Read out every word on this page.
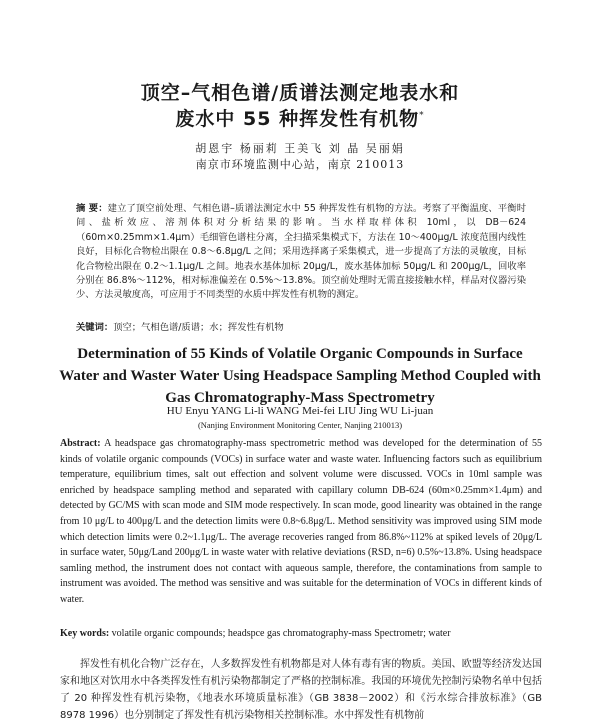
顶空–气相色谱/质谱法测定地表水和
废水中 55 种挥发性有机物*
胡恩宇 杨丽莉 王美飞 刘 晶 吴丽娟
南京市环境监测中心站，南京 210013
摘 要：建立了顶空前处理、气相色谱–质谱法测定水中 55 种挥发性有机物的方法。考察了平衡温度、平衡时间、盐析效应、溶剂体积对分析结果的影响。当水样取样体积 10ml，以 DB－624（60m×0.25mm×1.4μm）毛细管色谱柱分离，全扫描采集模式下，方法在 10～400μg/L 浓度范围内线性良好，目标化合物检出限在 0.8～6.8μg/L 之间；采用选择离子采集模式，进一步提高了方法的灵敏度，目标化合物检出限在 0.2～1.1μg/L 之间。地表水基体加标 20μg/L，废水基体加标 50μg/L 和 200μg/L，回收率分别在 86.8%～112%，相对标准偏差在 0.5%～13.8%。顶空前处理时无需直接接触水样，样品对仪器污染少、方法灵敏度高，可应用于不同类型的水质中挥发性有机物的测定。
关键词：顶空；气相色谱/质谱；水；挥发性有机物
Determination of 55 Kinds of Volatile Organic Compounds in Surface
Water and Waster Water Using Headspace Sampling Method Coupled with
Gas Chromatography-Mass Spectrometry
HU Enyu YANG Li-li WANG Mei-fei LIU Jing WU Li-juan
(Nanjing Environment Monitoring Center, Nanjing 210013)
Abstract: A headspace gas chromatography-mass spectrometric method was developed for the determination of 55 kinds of volatile organic compounds (VOCs) in surface water and waste water. Influencing factors such as equilibrium temperature, equilibrium times, salt out effection and solvent volume were discussed. VOCs in 10ml sample was enriched by headspace sampling method and separated with capillary column DB-624 (60m×0.25mm×1.4μm) and detected by GC/MS with scan mode and SIM mode respectively. In scan mode, good linearity was obtained in the range from 10 μg/L to 400μg/L and the detection limits were 0.8~6.8μg/L. Method sensitivity was improved using SIM mode which detection limits were 0.2~1.1μg/L. The average recoveries ranged from 86.8%~112% at spiked levels of 20μg/L in surface water, 50μg/Land 200μg/L in waste water with relative deviations (RSD, n=6) 0.5%~13.8%. Using headspace samling method, the instrument does not contact with aqueous sample, therefore, the contaminations from sample to instrument was avoided. The method was sensitive and was suitable for the determination of VOCs in different kinds of water.
Key words: volatile organic compounds; headspce gas chromatography-mass Spectrometr; water
挥发性有机化合物广泛存在，人多数挥发性有机物都是对人体有毒有害的物质。美国、欧盟等经济发达国家和地区对饮用水中各类挥发性有机污染物都制定了严格的控制标准。我国的环境优先控制污染物名单中包括了 20 种挥发性有机污染物，《地表水环境质量标准》（GB 3838－2002）和《污水综合排放标准》（GB 8978 1996）也分别制定了挥发性有机污染物相关控制标准。水中挥发性有机物前
